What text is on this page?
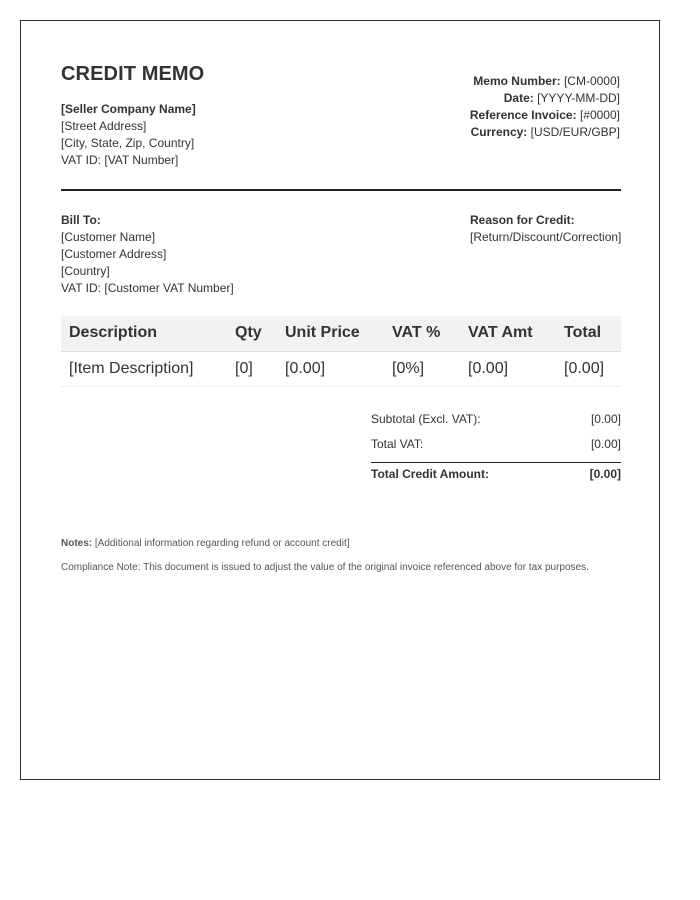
CREDIT MEMO
[Seller Company Name]
[Street Address]
[City, State, Zip, Country]
VAT ID: [VAT Number]
Memo Number: [CM-0000]
Date: [YYYY-MM-DD]
Reference Invoice: [#0000]
Currency: [USD/EUR/GBP]
Bill To:
[Customer Name]
[Customer Address]
[Country]
VAT ID: [Customer VAT Number]
Reason for Credit:
[Return/Discount/Correction]
Description	Qty	Unit Price	VAT %	VAT Amt	Total
[Item Description]	[0]	[0.00]	[0%]	[0.00]	[0.00]
Subtotal (Excl. VAT):	[0.00]
Total VAT:	[0.00]
Total Credit Amount:	[0.00]
Notes: [Additional information regarding refund or account credit]
Compliance Note: This document is issued to adjust the value of the original invoice referenced above for tax purposes.
